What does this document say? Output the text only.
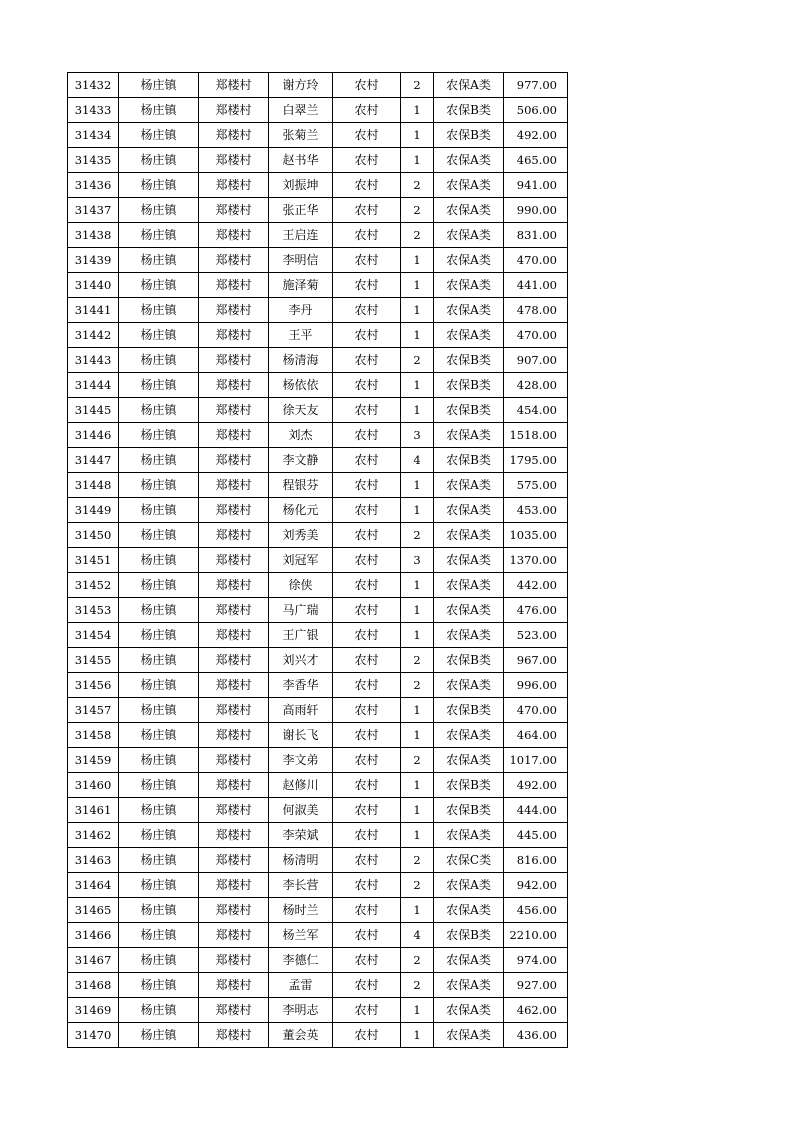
31432	杨庄镇	郑楼村	谢方玲	农村	2	农保A类	977.00
31433	杨庄镇	郑楼村	白翠兰	农村	1	农保B类	506.00
31434	杨庄镇	郑楼村	张菊兰	农村	1	农保B类	492.00
31435	杨庄镇	郑楼村	赵书华	农村	1	农保A类	465.00
31436	杨庄镇	郑楼村	刘振坤	农村	2	农保A类	941.00
31437	杨庄镇	郑楼村	张正华	农村	2	农保A类	990.00
31438	杨庄镇	郑楼村	王启连	农村	2	农保A类	831.00
31439	杨庄镇	郑楼村	李明信	农村	1	农保A类	470.00
31440	杨庄镇	郑楼村	施泽菊	农村	1	农保A类	441.00
31441	杨庄镇	郑楼村	李丹	农村	1	农保A类	478.00
31442	杨庄镇	郑楼村	王平	农村	1	农保A类	470.00
31443	杨庄镇	郑楼村	杨清海	农村	2	农保B类	907.00
31444	杨庄镇	郑楼村	杨依依	农村	1	农保B类	428.00
31445	杨庄镇	郑楼村	徐天友	农村	1	农保B类	454.00
31446	杨庄镇	郑楼村	刘杰	农村	3	农保A类	1518.00
31447	杨庄镇	郑楼村	李文静	农村	4	农保B类	1795.00
31448	杨庄镇	郑楼村	程银芬	农村	1	农保A类	575.00
31449	杨庄镇	郑楼村	杨化元	农村	1	农保A类	453.00
31450	杨庄镇	郑楼村	刘秀美	农村	2	农保A类	1035.00
31451	杨庄镇	郑楼村	刘冠军	农村	3	农保A类	1370.00
31452	杨庄镇	郑楼村	徐侠	农村	1	农保A类	442.00
31453	杨庄镇	郑楼村	马广瑞	农村	1	农保A类	476.00
31454	杨庄镇	郑楼村	王广银	农村	1	农保A类	523.00
31455	杨庄镇	郑楼村	刘兴才	农村	2	农保B类	967.00
31456	杨庄镇	郑楼村	李香华	农村	2	农保A类	996.00
31457	杨庄镇	郑楼村	高雨轩	农村	1	农保B类	470.00
31458	杨庄镇	郑楼村	谢长飞	农村	1	农保A类	464.00
31459	杨庄镇	郑楼村	李文弟	农村	2	农保A类	1017.00
31460	杨庄镇	郑楼村	赵修川	农村	1	农保B类	492.00
31461	杨庄镇	郑楼村	何淑美	农村	1	农保B类	444.00
31462	杨庄镇	郑楼村	李荣斌	农村	1	农保A类	445.00
31463	杨庄镇	郑楼村	杨清明	农村	2	农保C类	816.00
31464	杨庄镇	郑楼村	李长营	农村	2	农保A类	942.00
31465	杨庄镇	郑楼村	杨时兰	农村	1	农保A类	456.00
31466	杨庄镇	郑楼村	杨兰军	农村	4	农保B类	2210.00
31467	杨庄镇	郑楼村	李德仁	农村	2	农保A类	974.00
31468	杨庄镇	郑楼村	孟雷	农村	2	农保A类	927.00
31469	杨庄镇	郑楼村	李明志	农村	1	农保A类	462.00
31470	杨庄镇	郑楼村	董会英	农村	1	农保A类	436.00
